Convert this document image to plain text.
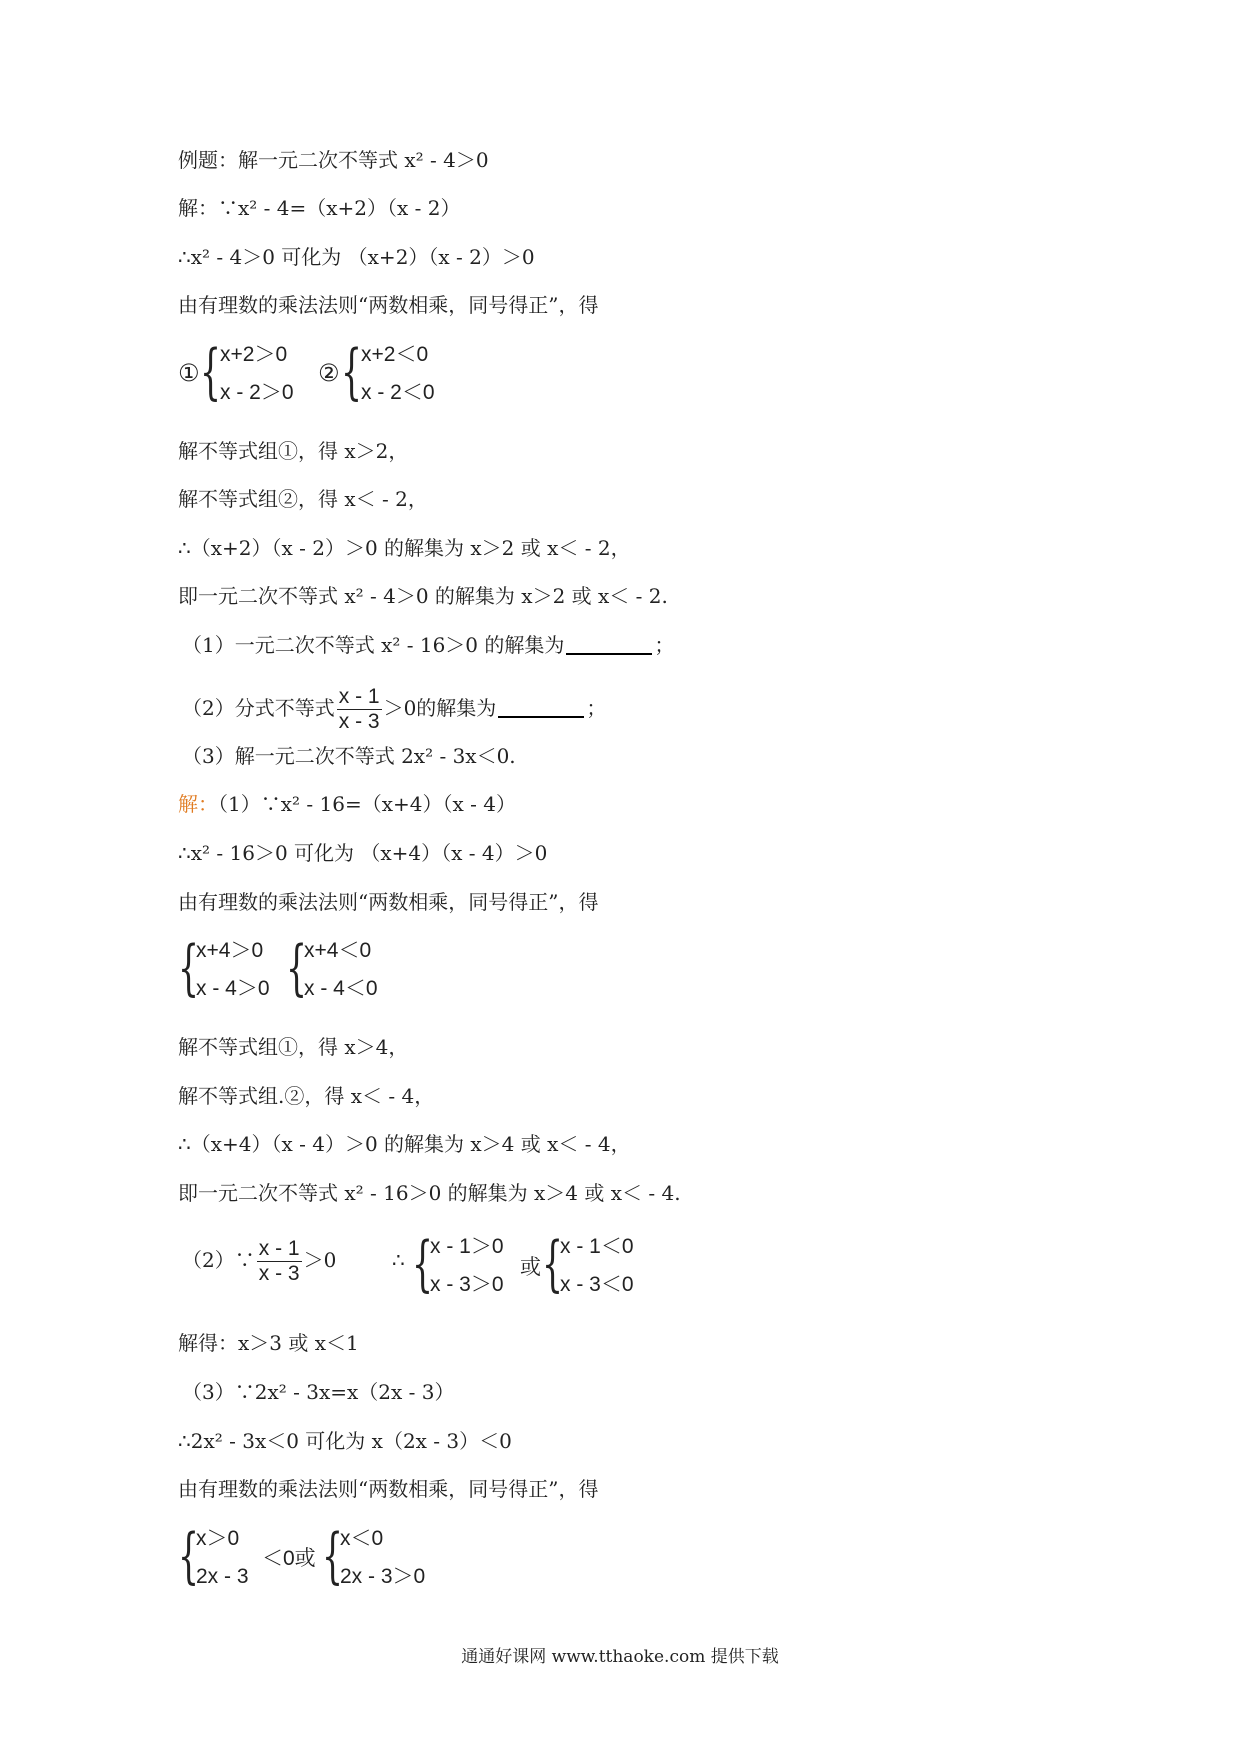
例题：解一元二次不等式 x² - 4＞0
解：∵x² - 4=（x+2）（x - 2）
∴x² - 4＞0 可化为 （x+2）（x - 2）＞0
由有理数的乘法法则“两数相乘，同号得正”，得
① {
x+2＞0
x - 2＞0
② {
x+2＜0
x - 2＜0
解不等式组①，得 x＞2，
解不等式组②，得 x＜ - 2，
∴（x+2）（x - 2）＞0 的解集为 x＞2 或 x＜ - 2，
即一元二次不等式 x² - 4＞0 的解集为 x＞2 或 x＜ - 2.
（1）一元二次不等式 x² - 16＞0 的解集为	；
（2）分式不等式 $\frac{x - 1}{x - 3} >0$的解集为	；
（3）解一元二次不等式 2x² - 3x＜0.
解：（1）∵x² - 16=（x+4）（x - 4）
∴x² - 16＞0 可化为 （x+4）（x - 4）＞0
由有理数的乘法法则“两数相乘，同号得正”，得
{
x+4＞0
x - 4＞0 {
x+4＜0
x - 4＜0
解不等式组①，得 x＞4，
解不等式组.②，得 x＜ - 4，
∴（x+4）（x - 4）＞0 的解集为 x＞4 或 x＜ - 4，
即一元二次不等式 x² - 16＞0 的解集为 x＞4 或 x＜ - 4.
（2）∵ $\frac{x - 1}{x - 3} >0$	∴ {
x - 1＞0
x - 3＞0
或 {
x - 1＜0
x - 3＜0
解得：x＞3 或 x＜1
（3）∵2x² - 3x=x（2x - 3）
∴2x² - 3x＜0 可化为 x（2x - 3）＜0
由有理数的乘法法则“两数相乘，同号得正”，得
{
x＞0
2x - 3
＜0或 {
x＜0
2x - 3＞0
通通好课网 www.tthaoke.com 提供下载
